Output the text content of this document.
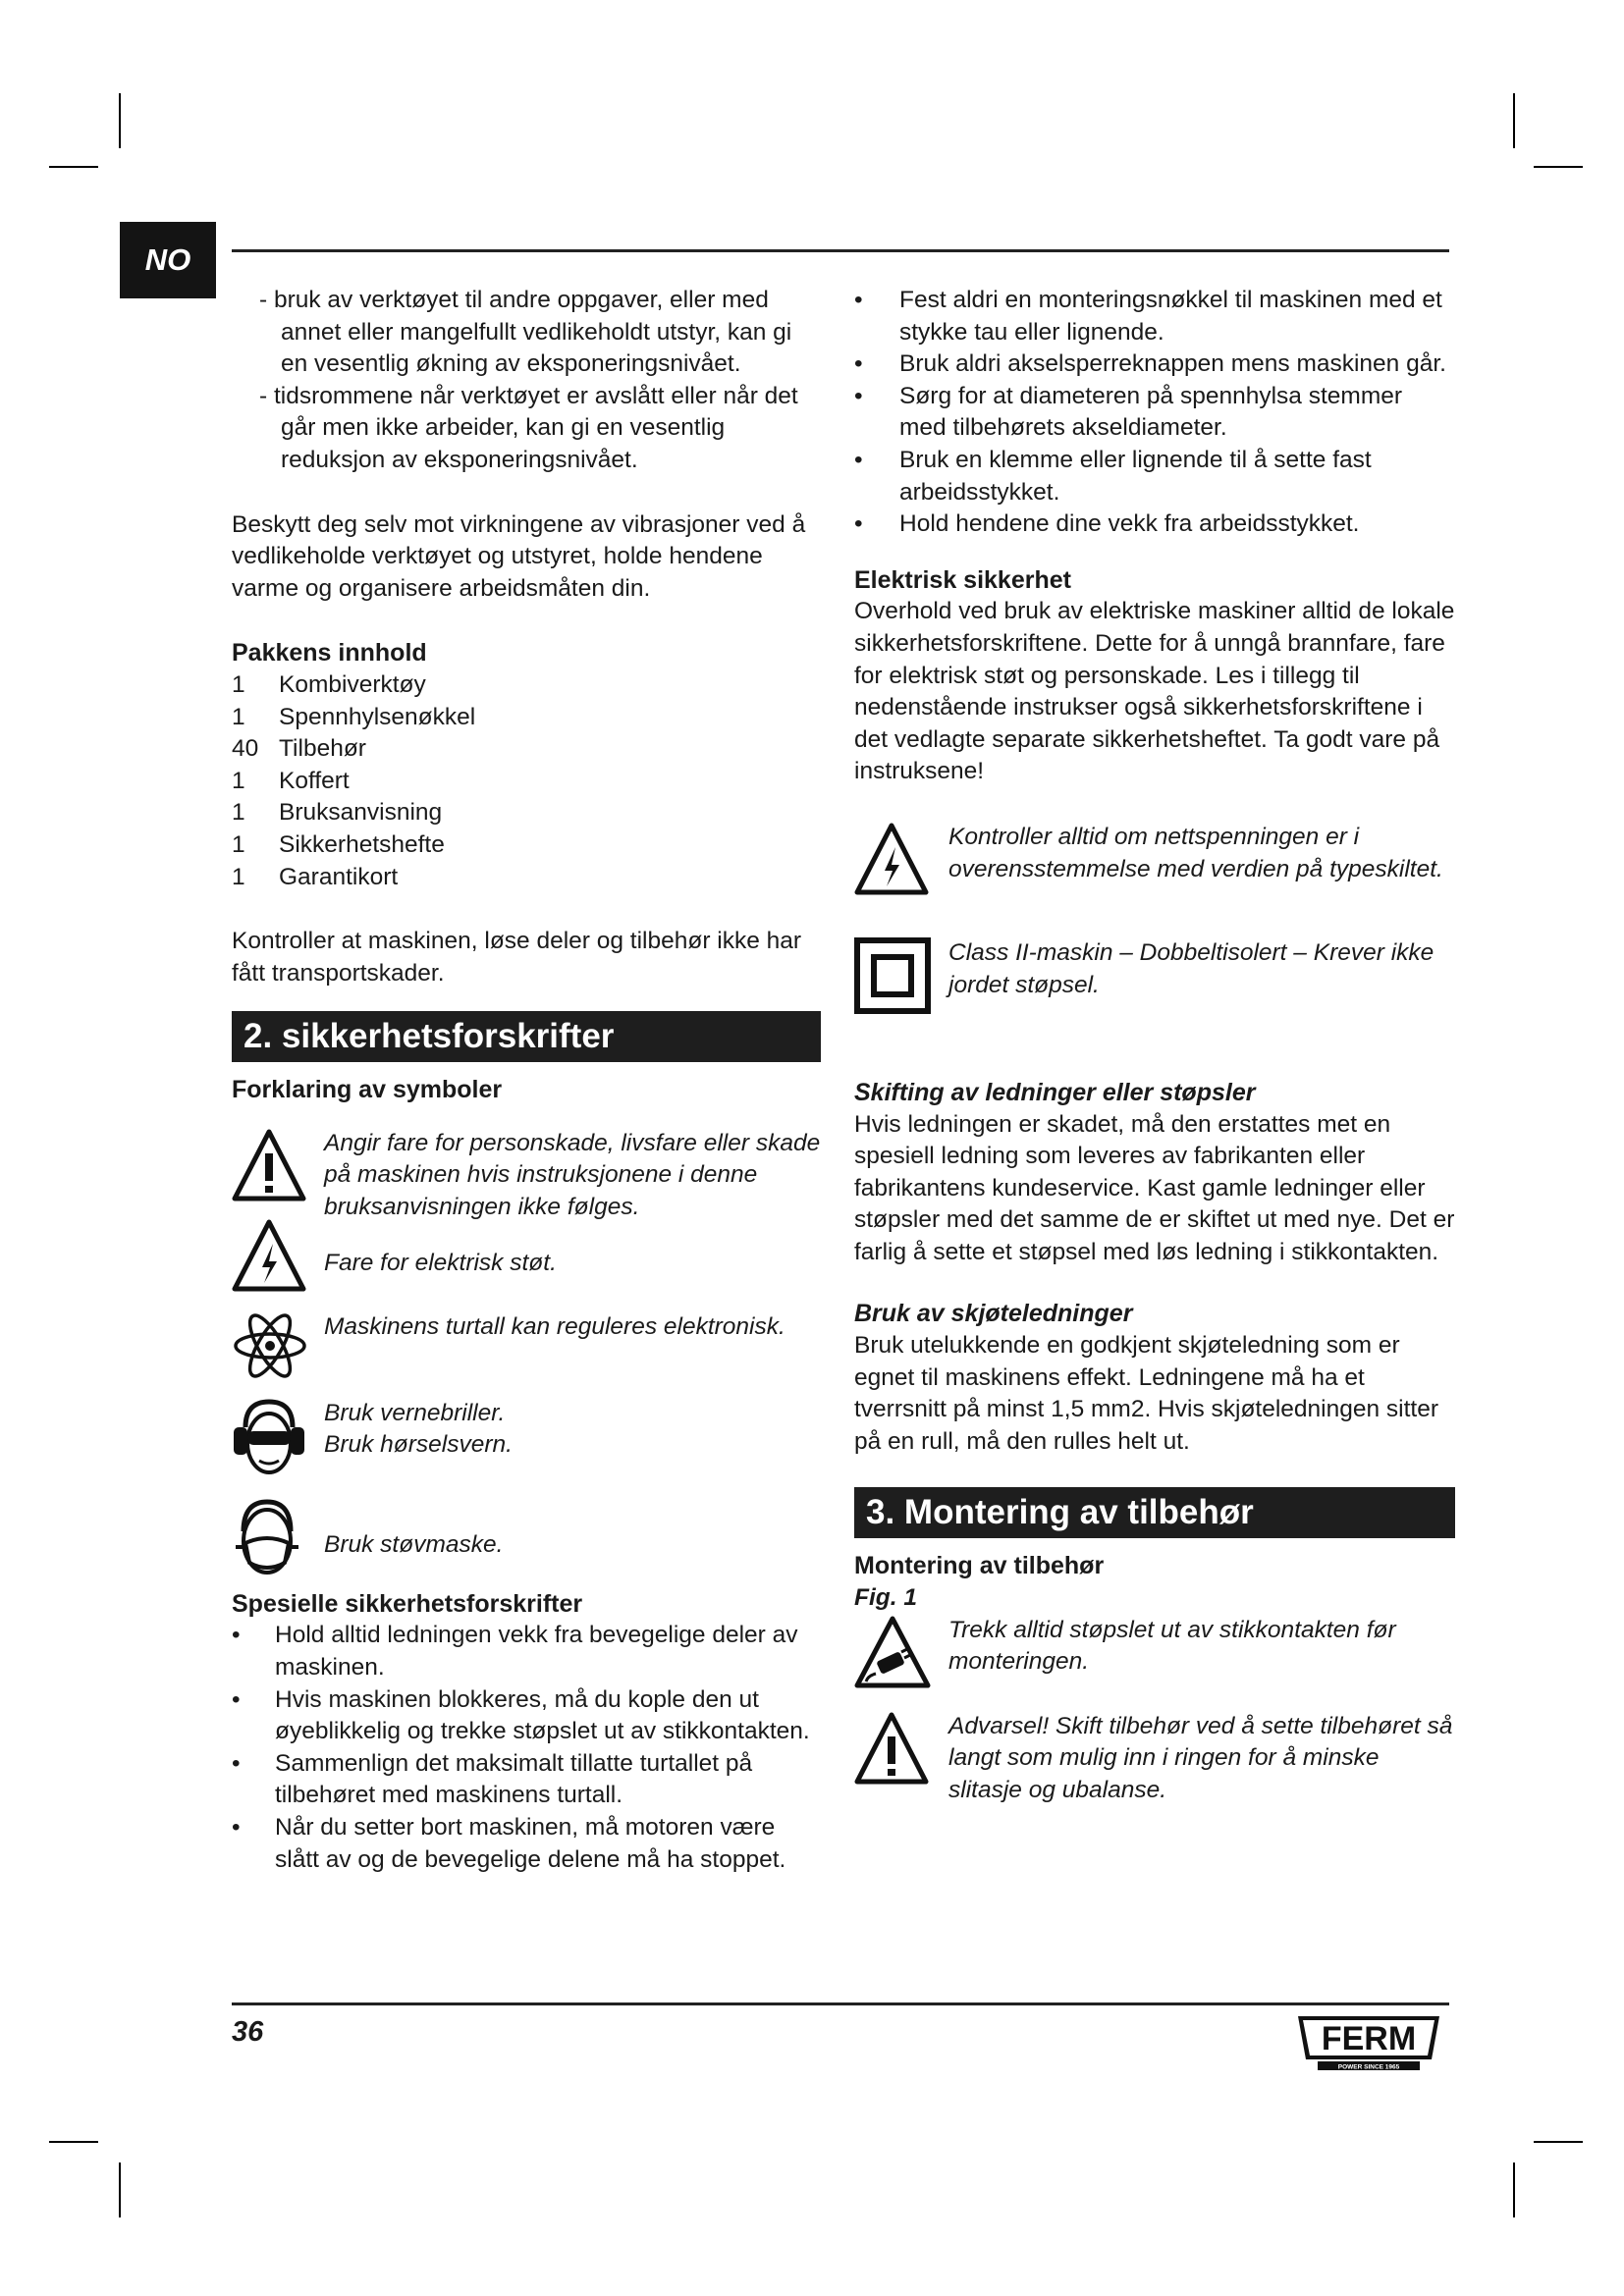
NO

- bruk av verktøyet til andre oppgaver, eller med annet eller mangelfullt vedlikeholdt utstyr, kan gi en vesentlig økning av eksponeringsnivået.

- tidsrommene når verktøyet er avslått eller når det går men ikke arbeider, kan gi en vesentlig reduksjon av eksponeringsnivået.

Beskytt deg selv mot virkningene av vibrasjoner ved å vedlikeholde verktøyet og utstyret, holde hendene varme og organisere arbeidsmåten din.

Pakkens innhold
1	Kombiverktøy
1	Spennhylsenøkkel
40 Tilbehør
1	Koffert
1	Bruksanvisning
1	Sikkerhetshefte
1	Garantikort

Kontroller at maskinen, løse deler og tilbehør ikke har fått transportskader.

2. sikkerhetsforskrifter
Forklaring av symboler
Angir fare for personskade, livsfare eller skade på maskinen hvis instruksjonene i denne bruksanvisningen ikke følges.
Fare for elektrisk støt.
Maskinens turtall kan reguleres elektronisk.
Bruk vernebriller.
Bruk hørselsvern.
Bruk støvmaske.
Spesielle sikkerhetsforskrifter
•	Hold alltid ledningen vekk fra bevegelige deler av maskinen.
•	Hvis maskinen blokkeres, må du kople den ut øyeblikkelig og trekke støpslet ut av stikkontakten.
•	Sammenlign det maksimalt tillatte turtallet på tilbehøret med maskinens turtall.
•	Når du setter bort maskinen, må motoren være slått av og de bevegelige delene må ha stoppet.
•	Fest aldri en monteringsnøkkel til maskinen med et stykke tau eller lignende.
•	Bruk aldri akselsperreknappen mens maskinen går.
•	Sørg for at diameteren på spennhylsa stemmer med tilbehørets akseldiameter.
•	Bruk en klemme eller lignende til å sette fast arbeidsstykket.
•	Hold hendene dine vekk fra arbeidsstykket.
Elektrisk sikkerhet

Overhold ved bruk av elektriske maskiner alltid de lokale sikkerhetsforskriftene. Dette for å unngå brannfare, fare for elektrisk støt og personskade. Les i tillegg til nedenstående instrukser også sikkerhetsforskriftene i det vedlagte separate sikkerhetsheftet. Ta godt vare på instruksene!

Kontroller alltid om nettspenningen er i overensstemmelse med verdien på typeskiltet.
Class II-maskin – Dobbeltisolert – Krever ikke jordet støpsel.
Skifting av ledninger eller støpsler

Hvis ledningen er skadet, må den erstattes met en spesiell ledning som leveres av fabrikanten eller fabrikantens kundeservice. Kast gamle ledninger eller støpsler med det samme de er skiftet ut med nye. Det er farlig å sette et støpsel med løs ledning i stikkontakten.

Bruk av skjøteledninger

Bruk utelukkende en godkjent skjøteledning som er egnet til maskinens effekt. Ledningene må ha et tverrsnitt på minst 1,5 mm2. Hvis skjøteledningen sitter på en rull, må den rulles helt ut.

3. Montering av tilbehør
Montering av tilbehør

Fig. 1

Trekk alltid støpslet ut av stikkontakten før monteringen.
Advarsel! Skift tilbehør ved å sette tilbehøret så langt som mulig inn i ringen for å minske slitasje og ubalanse.
36	FERM
POWER SINCE 1965
